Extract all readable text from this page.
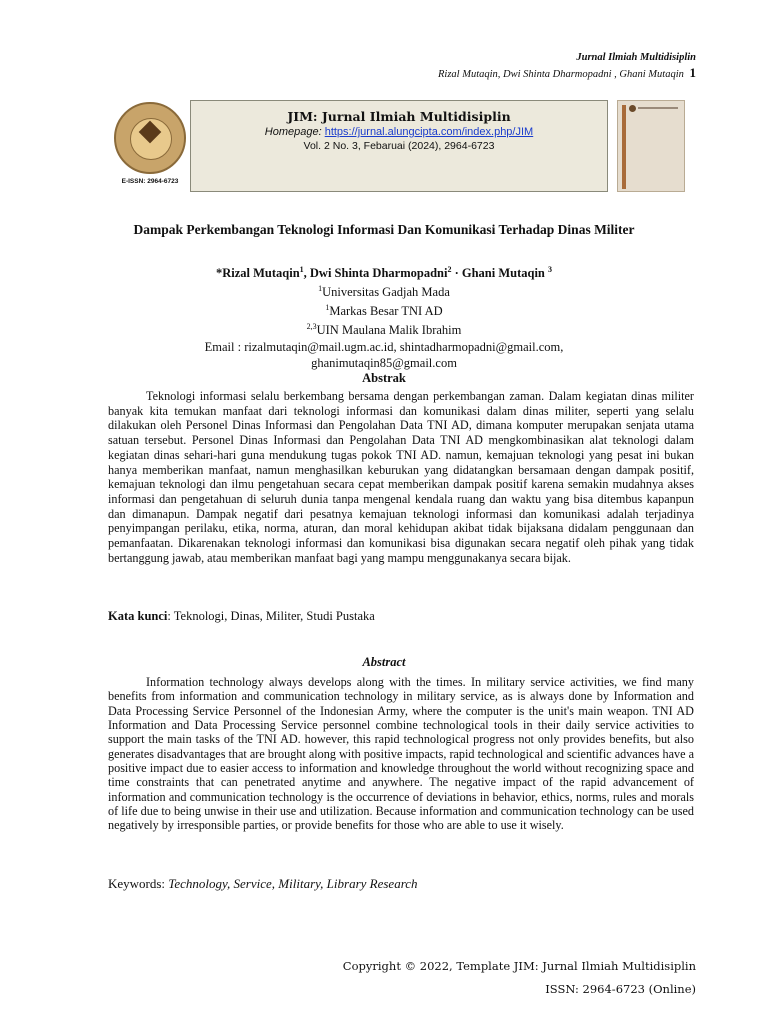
Jurnal Ilmiah Multidisiplin
Rizal Mutaqin, Dwi Shinta Dharmopadni , Ghani Mutaqin 1
E-ISSN: 2964-6723
JIM: Jurnal Ilmiah Multidisiplin
Homepage: https://jurnal.alungcipta.com/index.php/JIM
Vol. 2 No. 3, Febaruai (2024), 2964-6723
Dampak Perkembangan Teknologi Informasi Dan Komunikasi Terhadap Dinas Militer
*Rizal Mutaqin$^1$, Dwi Shinta Dharmopadni$^2$ · Ghani Mutaqin $^3$
$^1$Universitas Gadjah Mada
$^1$Markas Besar TNI AD
$^{2,3}$UIN Maulana Malik Ibrahim
Email : rizalmutaqin@mail.ugm.ac.id, shintadharmopadni@gmail.com,
ghanimutaqin85@gmail.com
Abstrak

Teknologi informasi selalu berkembang bersama dengan perkembangan zaman. Dalam kegiatan dinas militer banyak kita temukan manfaat dari teknologi informasi dan komunikasi dalam dinas militer, seperti yang selalu dilakukan oleh Personel Dinas Informasi dan Pengolahan Data TNI AD, dimana komputer merupakan senjata utama satuan tersebut. Personel Dinas Informasi dan Pengolahan Data TNI AD mengkombinasikan alat teknologi dalam kegiatan dinas sehari-hari guna mendukung tugas pokok TNI AD. namun, kemajuan teknologi yang pesat ini bukan hanya memberikan manfaat, namun menghasilkan keburukan yang didatangkan bersamaan dengan dampak positif, kemajuan teknologi dan ilmu pengetahuan secara cepat memberikan dampak positif karena semakin mudahnya akses informasi dan pengetahuan di seluruh dunia tanpa mengenal kendala ruang dan waktu yang bisa ditembus kapanpun dan dimanapun. Dampak negatif dari pesatnya kemajuan teknologi informasi dan komunikasi adalah terjadinya penyimpangan perilaku, etika, norma, aturan, dan moral kehidupan akibat tidak bijaksana didalam penggunaan dan pemanfaatan. Dikarenakan teknologi informasi dan komunikasi bisa digunakan secara negatif oleh pihak yang tidak bertanggung jawab, atau memberikan manfaat bagi yang mampu menggunakanya secara bijak.

Kata kunci: Teknologi, Dinas, Militer, Studi Pustaka
Abstract

Information technology always develops along with the times. In military service activities, we find many benefits from information and communication technology in military service, as is always done by Information and Data Processing Service Personnel of the Indonesian Army, where the computer is the unit's main weapon. TNI AD Information and Data Processing Service personnel combine technological tools in their daily service activities to support the main tasks of the TNI AD. however, this rapid technological progress not only provides benefits, but also generates disadvantages that are brought along with positive impacts, rapid technological and scientific advances have a positive impact due to easier access to information and knowledge throughout the world without recognizing space and time constraints that can penetrated anytime and anywhere. The negative impact of the rapid advancement of information and communication technology is the occurrence of deviations in behavior, ethics, norms, rules and morals of life due to being unwise in their use and utilization. Because information and communication technology can be used negatively by irresponsible parties, or provide benefits for those who are able to use it wisely.

Keywords: Technology, Service, Military, Library Research
Copyright © 2022, Template JIM: Jurnal Ilmiah Multidisiplin
ISSN: 2964-6723 (Online)
